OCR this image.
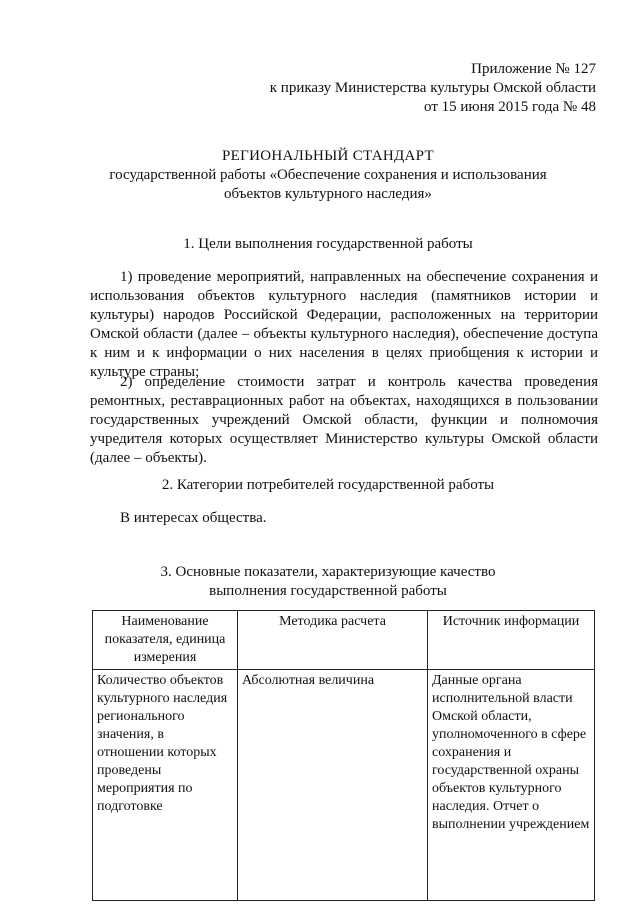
Приложение № 127
к приказу Министерства культуры Омской области
от 15 июня 2015 года № 48
РЕГИОНАЛЬНЫЙ СТАНДАРТ
государственной работы «Обеспечение сохранения и использования
объектов культурного наследия»
1. Цели выполнения государственной работы
1) проведение мероприятий, направленных на обеспечение сохранения и использования объектов культурного наследия (памятников истории и культуры) народов Российской Федерации, расположенных на территории Омской области (далее – объекты культурного наследия), обеспечение доступа к ним и к информации о них населения в целях приобщения к истории и культуре страны;
2) определение стоимости затрат и контроль качества проведения ремонтных, реставрационных работ на объектах, находящихся в пользовании государственных учреждений Омской области, функции и полномочия учредителя которых осуществляет Министерство культуры Омской области (далее – объекты).
2. Категории потребителей государственной работы
В интересах общества.
3. Основные показатели, характеризующие качество
выполнения государственной работы
Наименование показателя, единица измерения	Методика расчета	Источник информации
Количество объектов культурного наследия регионального значения, в отношении которых проведены мероприятия по подготовке	Абсолютная величина	Данные органа исполнительной власти Омской области, уполномоченного в сфере сохранения и государственной охраны объектов культурного наследия. Отчет о выполнении учреждением
